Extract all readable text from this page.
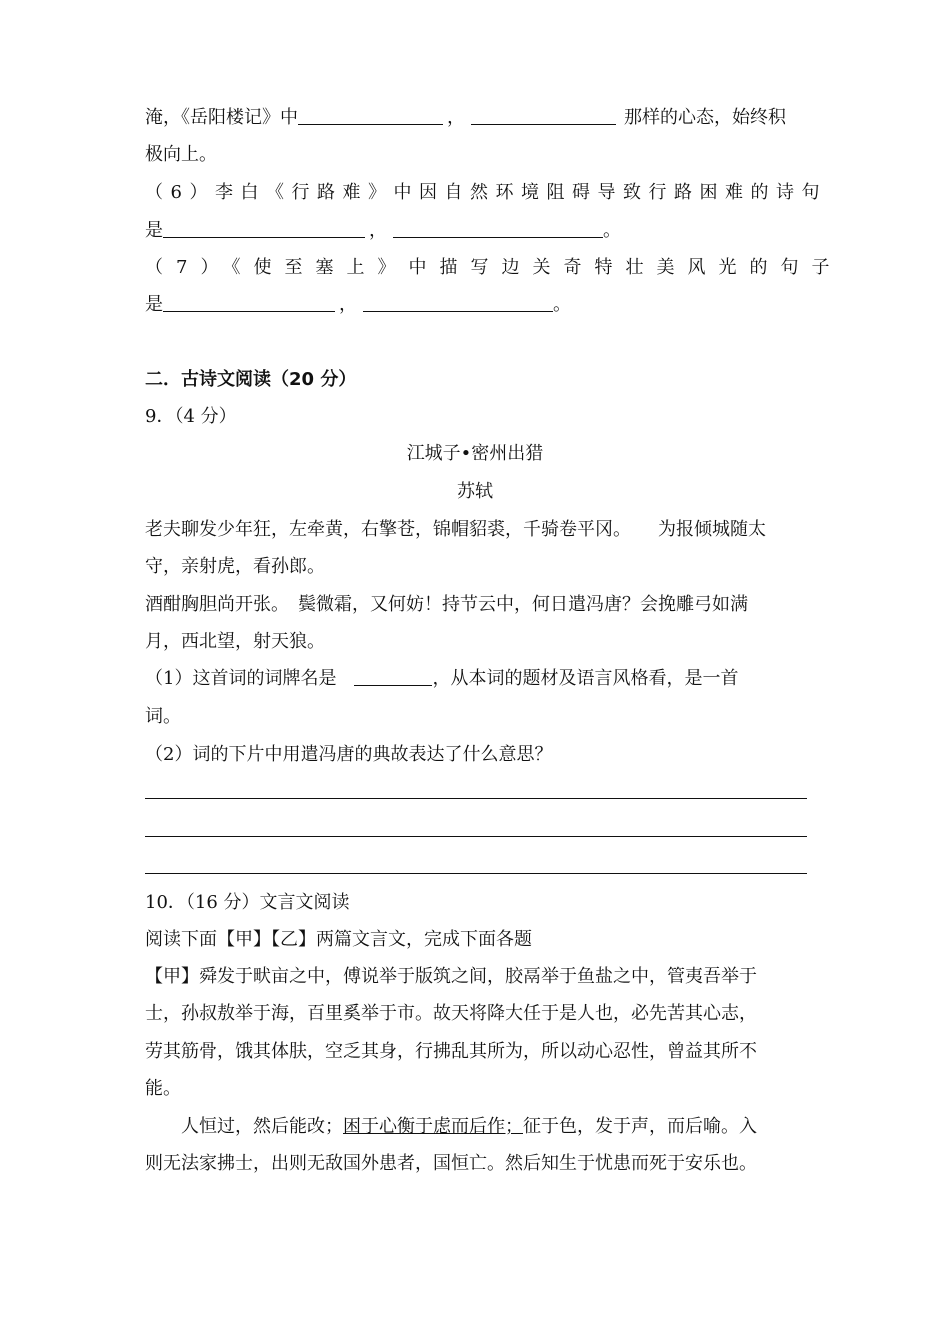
淹，《岳阳楼记》中	，	那样的心态，始终积
极向上。
（6）李白《行路难》中因自然环境阻碍导致行路困难的诗句
是	，	。
（7）《使至塞上》中描写边关奇特壮美风光的句子
是	，	。
二．古诗文阅读（20 分）
9．（4 分）
江城子•密州出猎
苏轼
老夫聊发少年狂，左牵黄，右擎苍，锦帽貂裘，千骑卷平冈。　　为报倾城随太
守，亲射虎，看孙郎。
酒酣胸胆尚开张。　鬓微霜，又何妨！持节云中，何日遣冯唐？会挽雕弓如满
月，西北望，射天狼。
（1）这首词的词牌名是	，从本词的题材及语言风格看，是一首
词。
（2）词的下片中用遣冯唐的典故表达了什么意思？
10．（16 分）文言文阅读
阅读下面【甲】【乙】两篇文言文，完成下面各题
【甲】舜发于畎亩之中，傅说举于版筑之间，胶鬲举于鱼盐之中，管夷吾举于
士，孙叔敖举于海，百里奚举于市。故天将降大任于是人也，必先苦其心志，
劳其筋骨，饿其体肤，空乏其身，行拂乱其所为，所以动心忍性，曾益其所不
能。
人恒过，然后能改；困于心衡于虑而后作；征于色，发于声，而后喻。入
则无法家拂士，出则无敌国外患者，国恒亡。然后知生于忧患而死于安乐也。
